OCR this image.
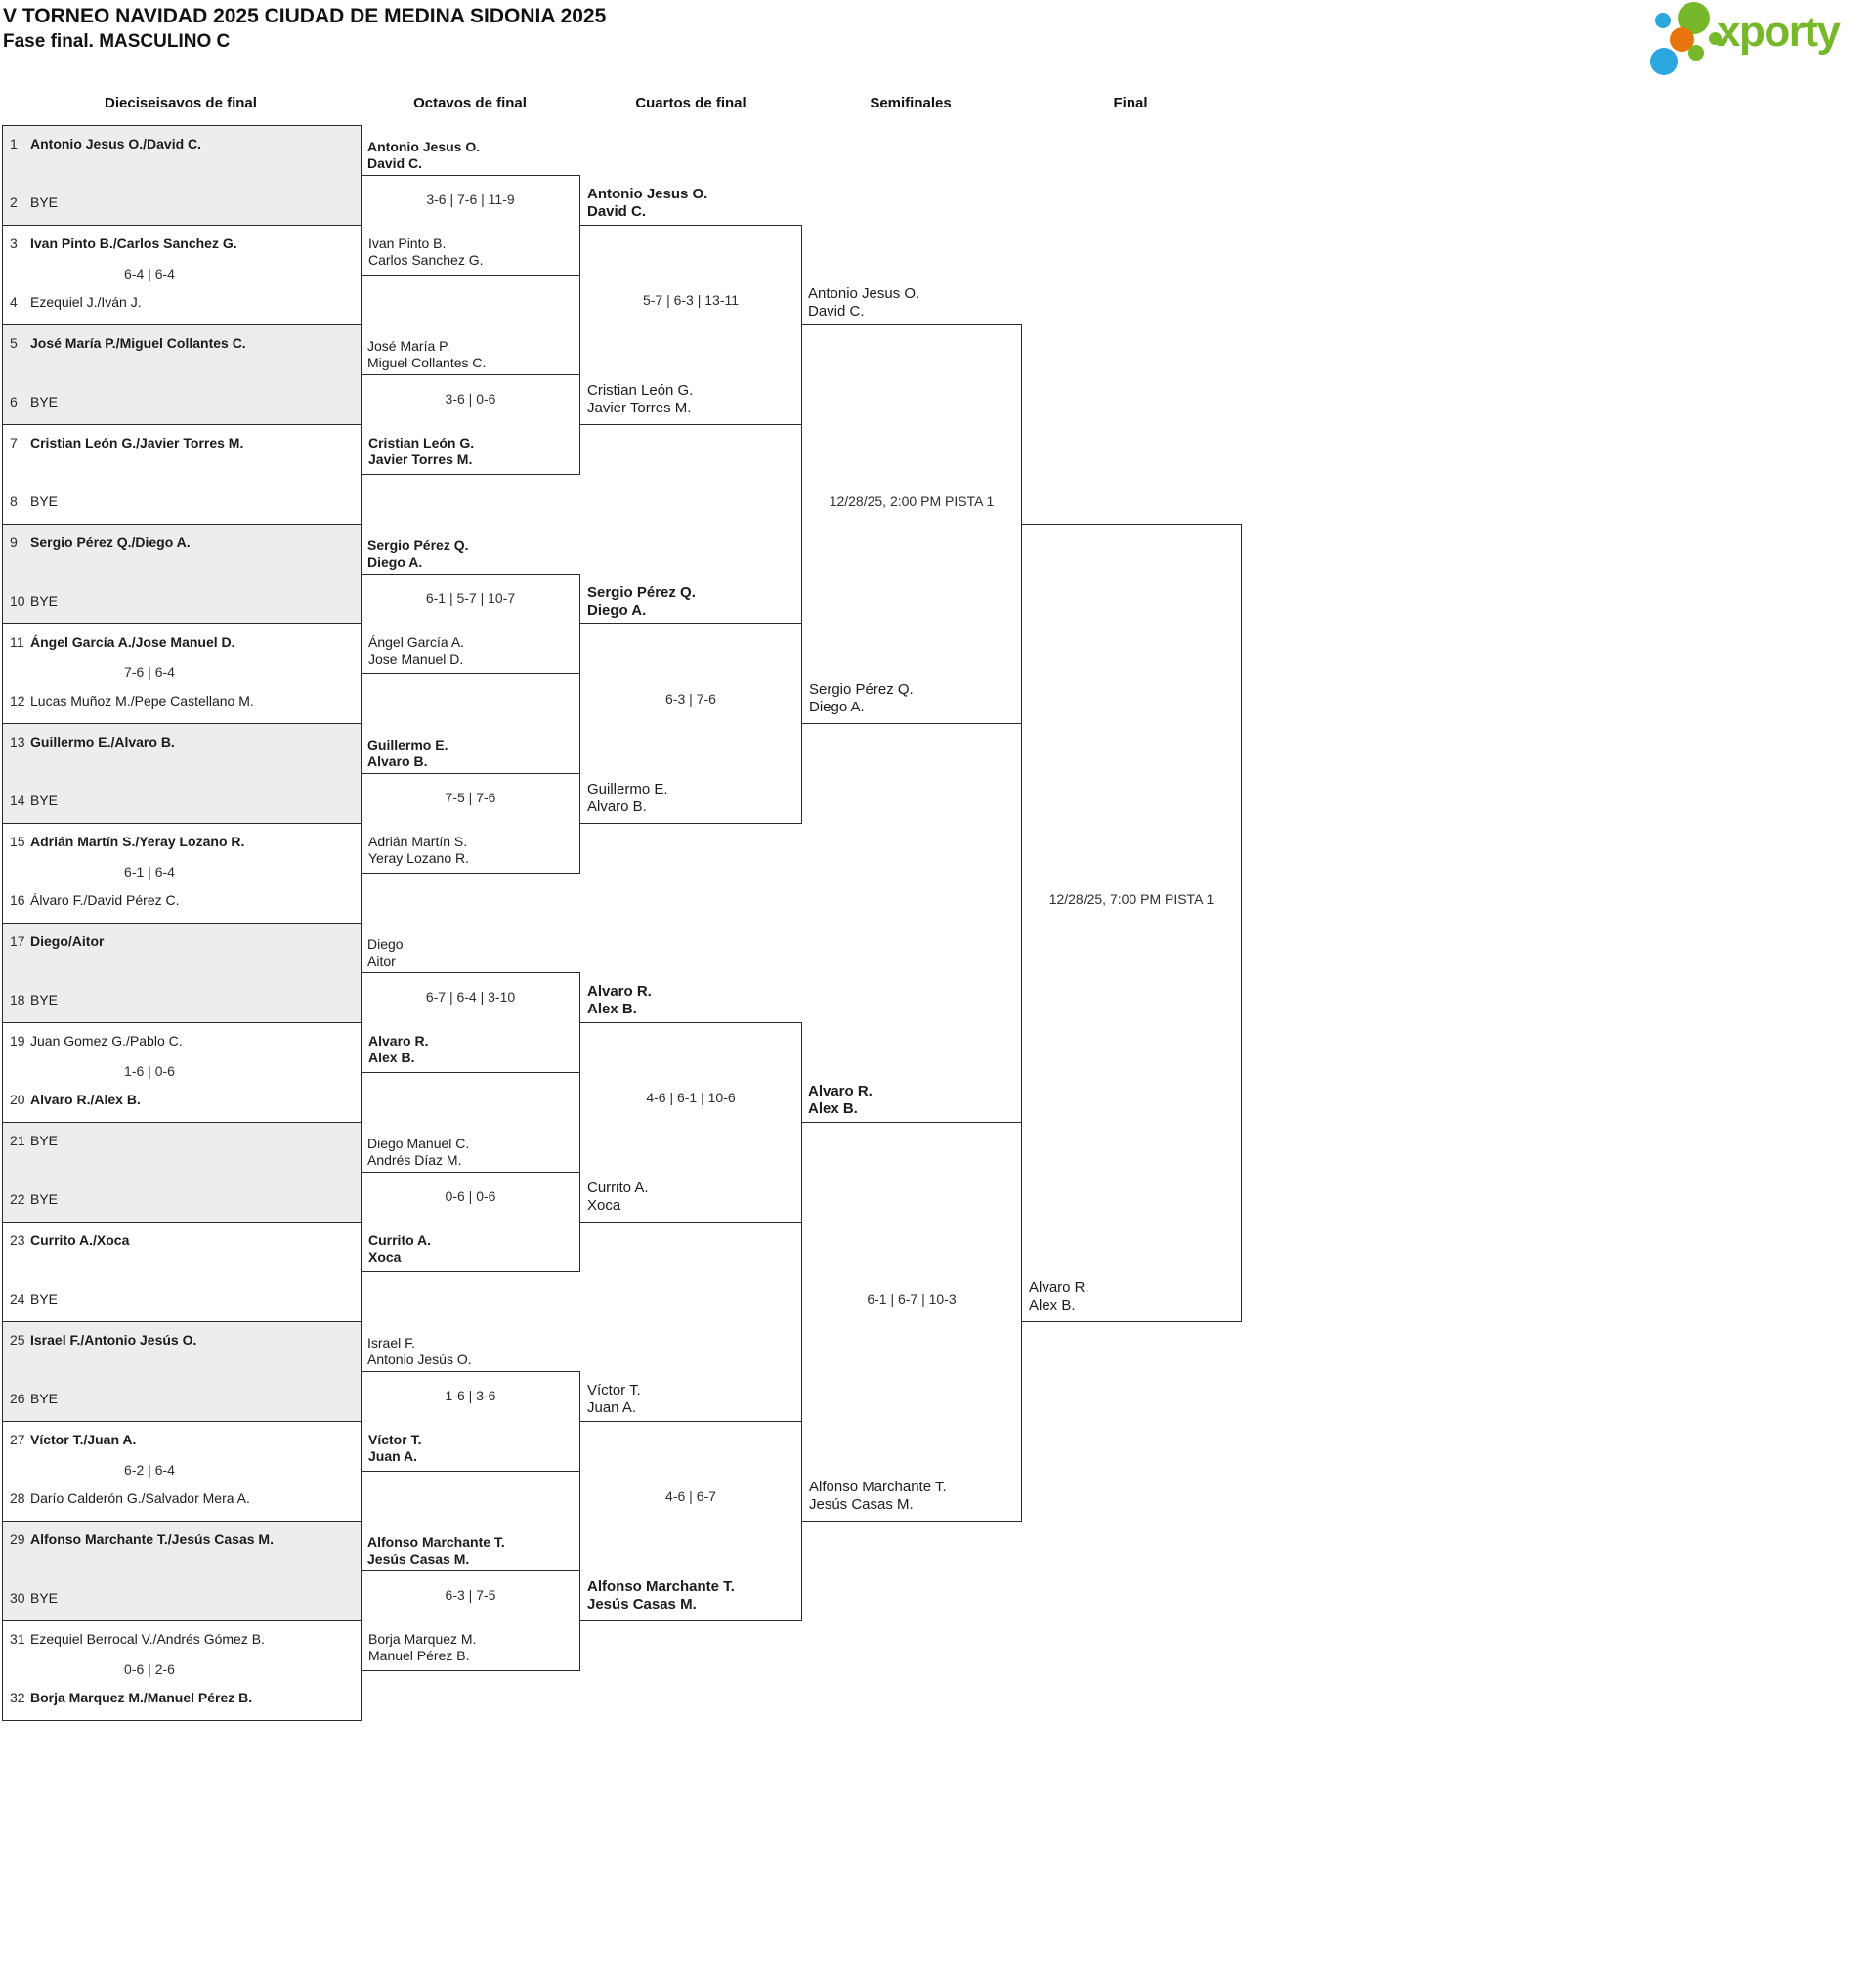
V TORNEO NAVIDAD 2025 CIUDAD DE MEDINA SIDONIA 2025
Fase final. MASCULINO C	xporty
Dieciseisavos de final	Octavos de final	Cuartos de final	Semifinales	Final
1 Antonio Jesus O./David C.
2 BYE
3 Ivan Pinto B./Carlos Sanchez G.
6-4 | 6-4
4 Ezequiel J./Iván J.
5 José María P./Miguel Collantes C.
6 BYE
7 Cristian León G./Javier Torres M.
8 BYE
9 Sergio Pérez Q./Diego A.
10 BYE
11 Ángel García A./Jose Manuel D.
7-6 | 6-4
12 Lucas Muñoz M./Pepe Castellano M.
13 Guillermo E./Alvaro B.
14 BYE
15 Adrián Martín S./Yeray Lozano R.
6-1 | 6-4
16 Álvaro F./David Pérez C.
17 Diego/Aitor
18 BYE
19 Juan Gomez G./Pablo C.
1-6 | 0-6
20 Alvaro R./Alex B.
21 BYE
22 BYE
23 Currito A./Xoca
24 BYE
25 Israel F./Antonio Jesús O.
26 BYE
27 Víctor T./Juan A.
6-2 | 6-4
28 Darío Calderón G./Salvador Mera A.
29 Alfonso Marchante T./Jesús Casas M.
30 BYE
31 Ezequiel Berrocal V./Andrés Gómez B.
0-6 | 2-6
32 Borja Marquez M./Manuel Pérez B.
Antonio Jesus O.
David C.
3-6 | 7-6 | 11-9
Ivan Pinto B.
Carlos Sanchez G.
José María P.
Miguel Collantes C.
3-6 | 0-6
Cristian León G.
Javier Torres M.
Sergio Pérez Q.
Diego A.
6-1 | 5-7 | 10-7
Ángel García A.
Jose Manuel D.
Guillermo E.
Alvaro B.
7-5 | 7-6
Adrián Martín S.
Yeray Lozano R.
Diego
Aitor
6-7 | 6-4 | 3-10
Alvaro R.
Alex B.
Diego Manuel C.
Andrés Díaz M.
0-6 | 0-6
Currito A.
Xoca
Israel F.
Antonio Jesús O.
1-6 | 3-6
Víctor T.
Juan A.
Alfonso Marchante T.
Jesús Casas M.
6-3 | 7-5
Borja Marquez M.
Manuel Pérez B.
Antonio Jesus O.
David C.
5-7 | 6-3 | 13-11
Cristian León G.
Javier Torres M.
Sergio Pérez Q.
Diego A.
6-3 | 7-6
Guillermo E.
Alvaro B.
Alvaro R.
Alex B.
4-6 | 6-1 | 10-6
Currito A.
Xoca
Víctor T.
Juan A.
4-6 | 6-7
Alfonso Marchante T.
Jesús Casas M.
Antonio Jesus O.
David C.
12/28/25, 2:00 PM PISTA 1
Sergio Pérez Q.
Diego A.
Alvaro R.
Alex B.
6-1 | 6-7 | 10-3
Alfonso Marchante T.
Jesús Casas M.
12/28/25, 7:00 PM PISTA 1
Alvaro R.
Alex B.
